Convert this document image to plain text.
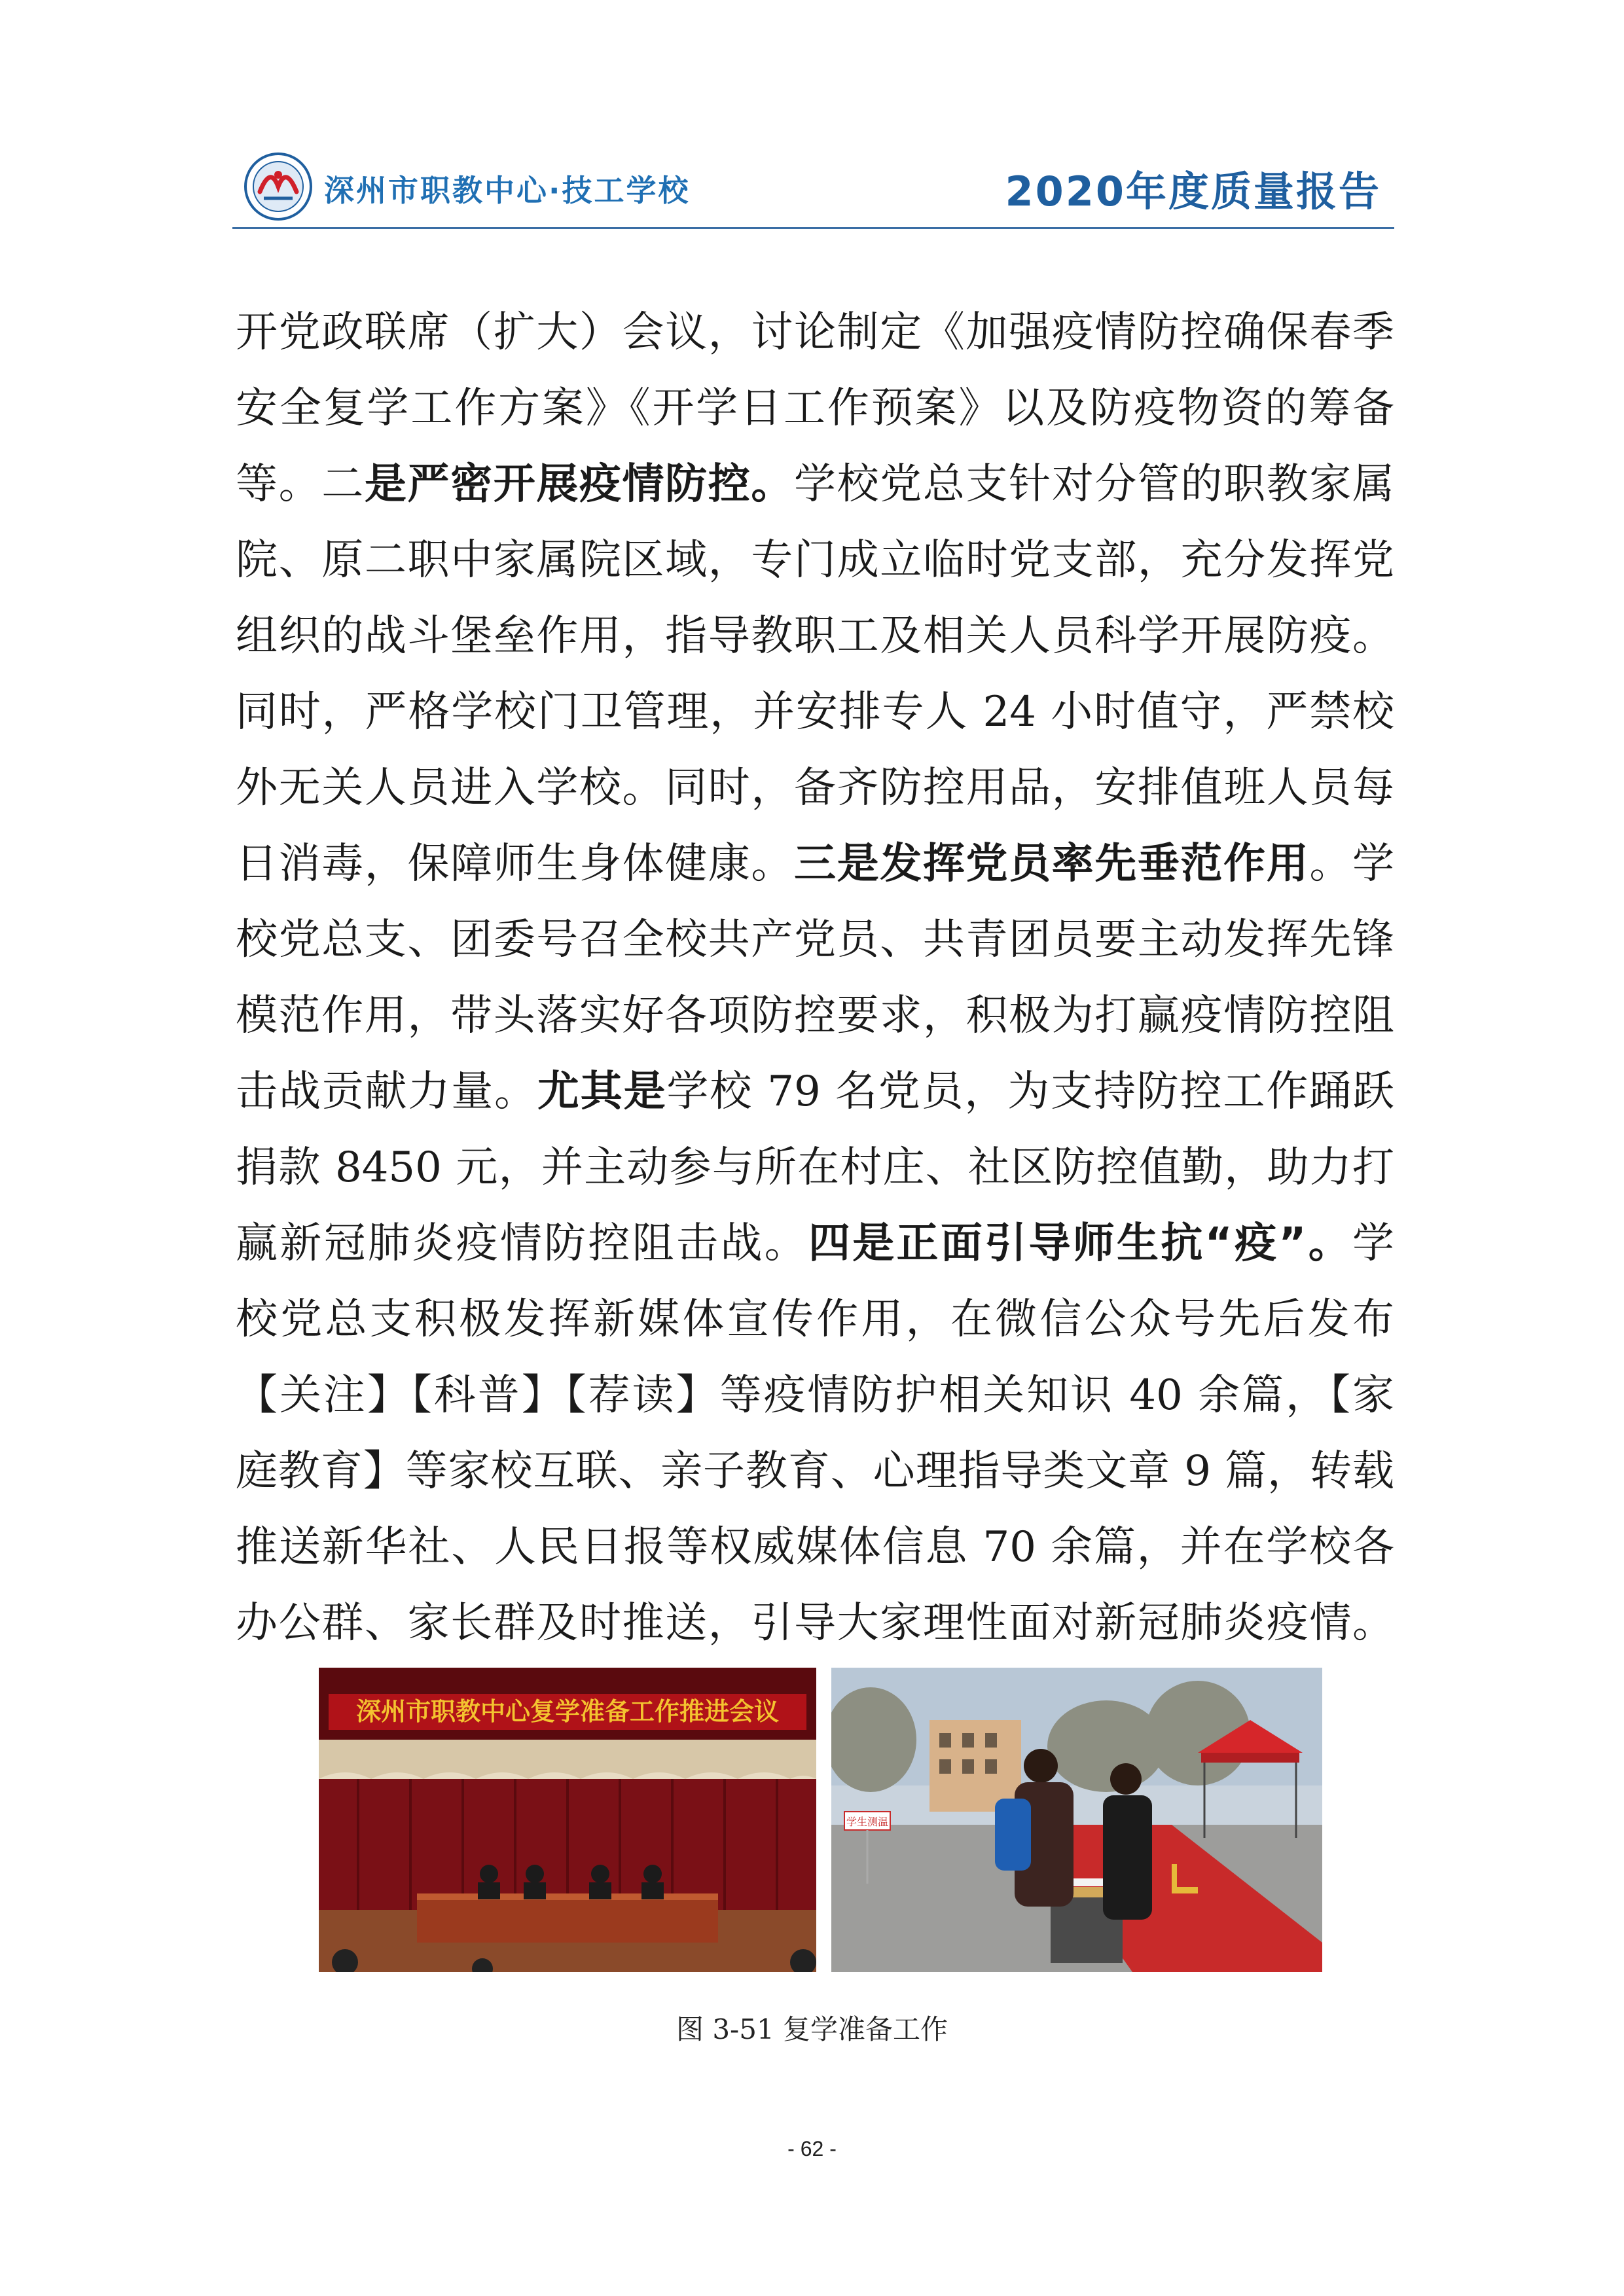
深州市职教中心·技工学校	2020年度质量报告
开党政联席（扩大）会议，讨论制定《加强疫情防控确保春季
安全复学工作方案》《开学日工作预案》以及防疫物资的筹备
等。二是严密开展疫情防控。学校党总支针对分管的职教家属
院、原二职中家属院区域，专门成立临时党支部，充分发挥党
组织的战斗堡垒作用，指导教职工及相关人员科学开展防疫。
同时，严格学校门卫管理，并安排专人 24 小时值守，严禁校
外无关人员进入学校。同时，备齐防控用品，安排值班人员每
日消毒，保障师生身体健康。三是发挥党员率先垂范作用。学
校党总支、团委号召全校共产党员、共青团员要主动发挥先锋
模范作用，带头落实好各项防控要求，积极为打赢疫情防控阻
击战贡献力量。尤其是学校 79 名党员，为支持防控工作踊跃
捐款 8450 元，并主动参与所在村庄、社区防控值勤，助力打
赢新冠肺炎疫情防控阻击战。四是正面引导师生抗“疫”。学
校党总支积极发挥新媒体宣传作用，在微信公众号先后发布
【关注】【科普】【荐读】等疫情防护相关知识 40 余篇，【家
庭教育】等家校互联、亲子教育、心理指导类文章 9 篇，转载
推送新华社、人民日报等权威媒体信息 70 余篇，并在学校各
办公群、家长群及时推送，引导大家理性面对新冠肺炎疫情。
深州市职教中心复学准备工作推进会议
学生测温
图 3-51 复学准备工作
- 62 -
